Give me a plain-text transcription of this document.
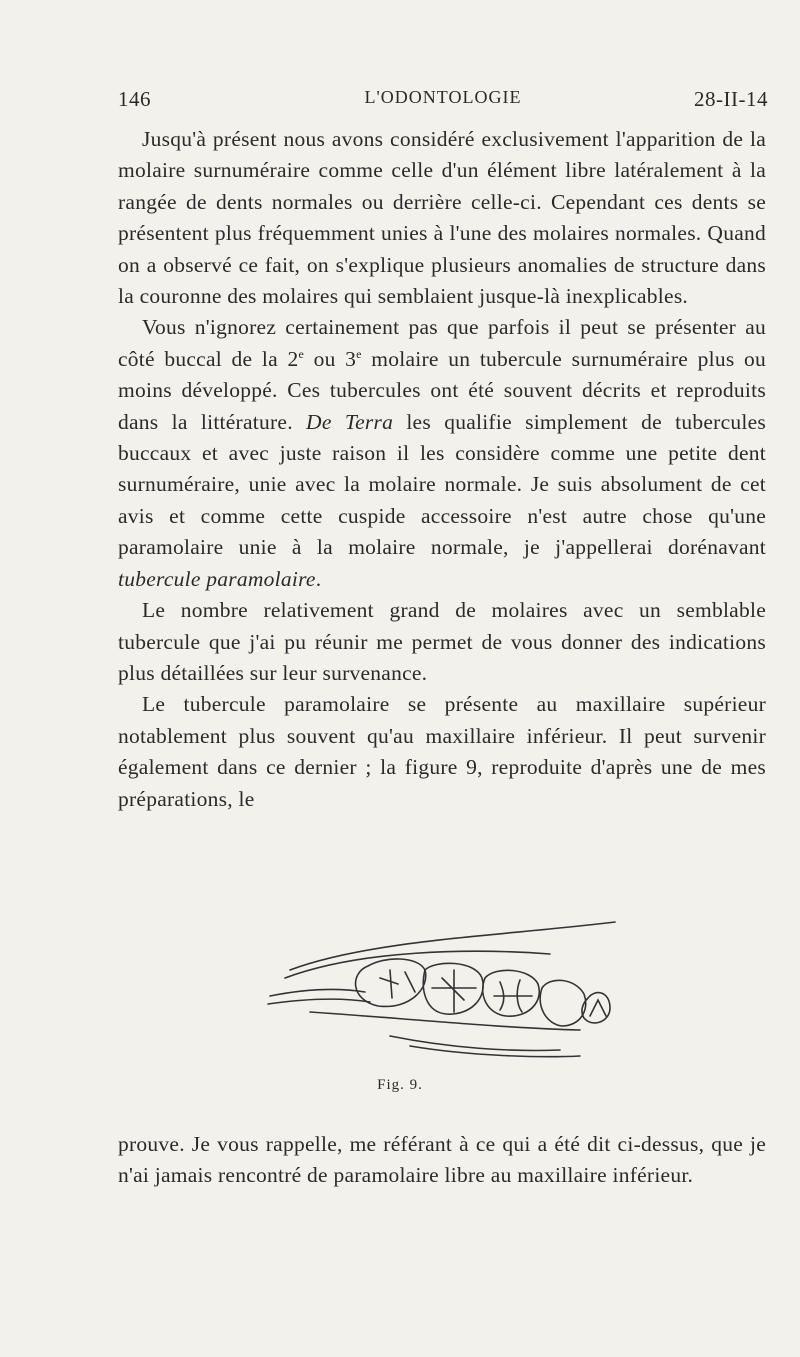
146	L'ODONTOLOGIE	28-II-14

Jusqu'à présent nous avons considéré exclusivement l'apparition de la molaire surnuméraire comme celle d'un élément libre latéralement à la rangée de dents normales ou derrière celle-ci. Cependant ces dents se présentent plus fréquemment unies à l'une des molaires normales. Quand on a observé ce fait, on s'explique plusieurs anomalies de structure dans la couronne des molaires qui semblaient jusque-là inexplicables.

Vous n'ignorez certainement pas que parfois il peut se présenter au côté buccal de la 2e ou 3e molaire un tubercule surnuméraire plus ou moins développé. Ces tubercules ont été souvent décrits et reproduits dans la littérature. De Terra les qualifie simplement de tubercules buccaux et avec juste raison il les considère comme une petite dent surnuméraire, unie avec la molaire normale. Je suis absolument de cet avis et comme cette cuspide accessoire n'est autre chose qu'une paramolaire unie à la molaire normale, je j'appellerai dorénavant tubercule paramolaire.

Le nombre relativement grand de molaires avec un semblable tubercule que j'ai pu réunir me permet de vous donner des indications plus détaillées sur leur survenance.

Le tubercule paramolaire se présente au maxillaire supérieur notablement plus souvent qu'au maxillaire inférieur. Il peut survenir également dans ce dernier ; la figure 9, reproduite d'après une de mes préparations, le

Fig. 9.

prouve. Je vous rappelle, me référant à ce qui a été dit ci-dessus, que je n'ai jamais rencontré de paramolaire libre au maxillaire inférieur.
